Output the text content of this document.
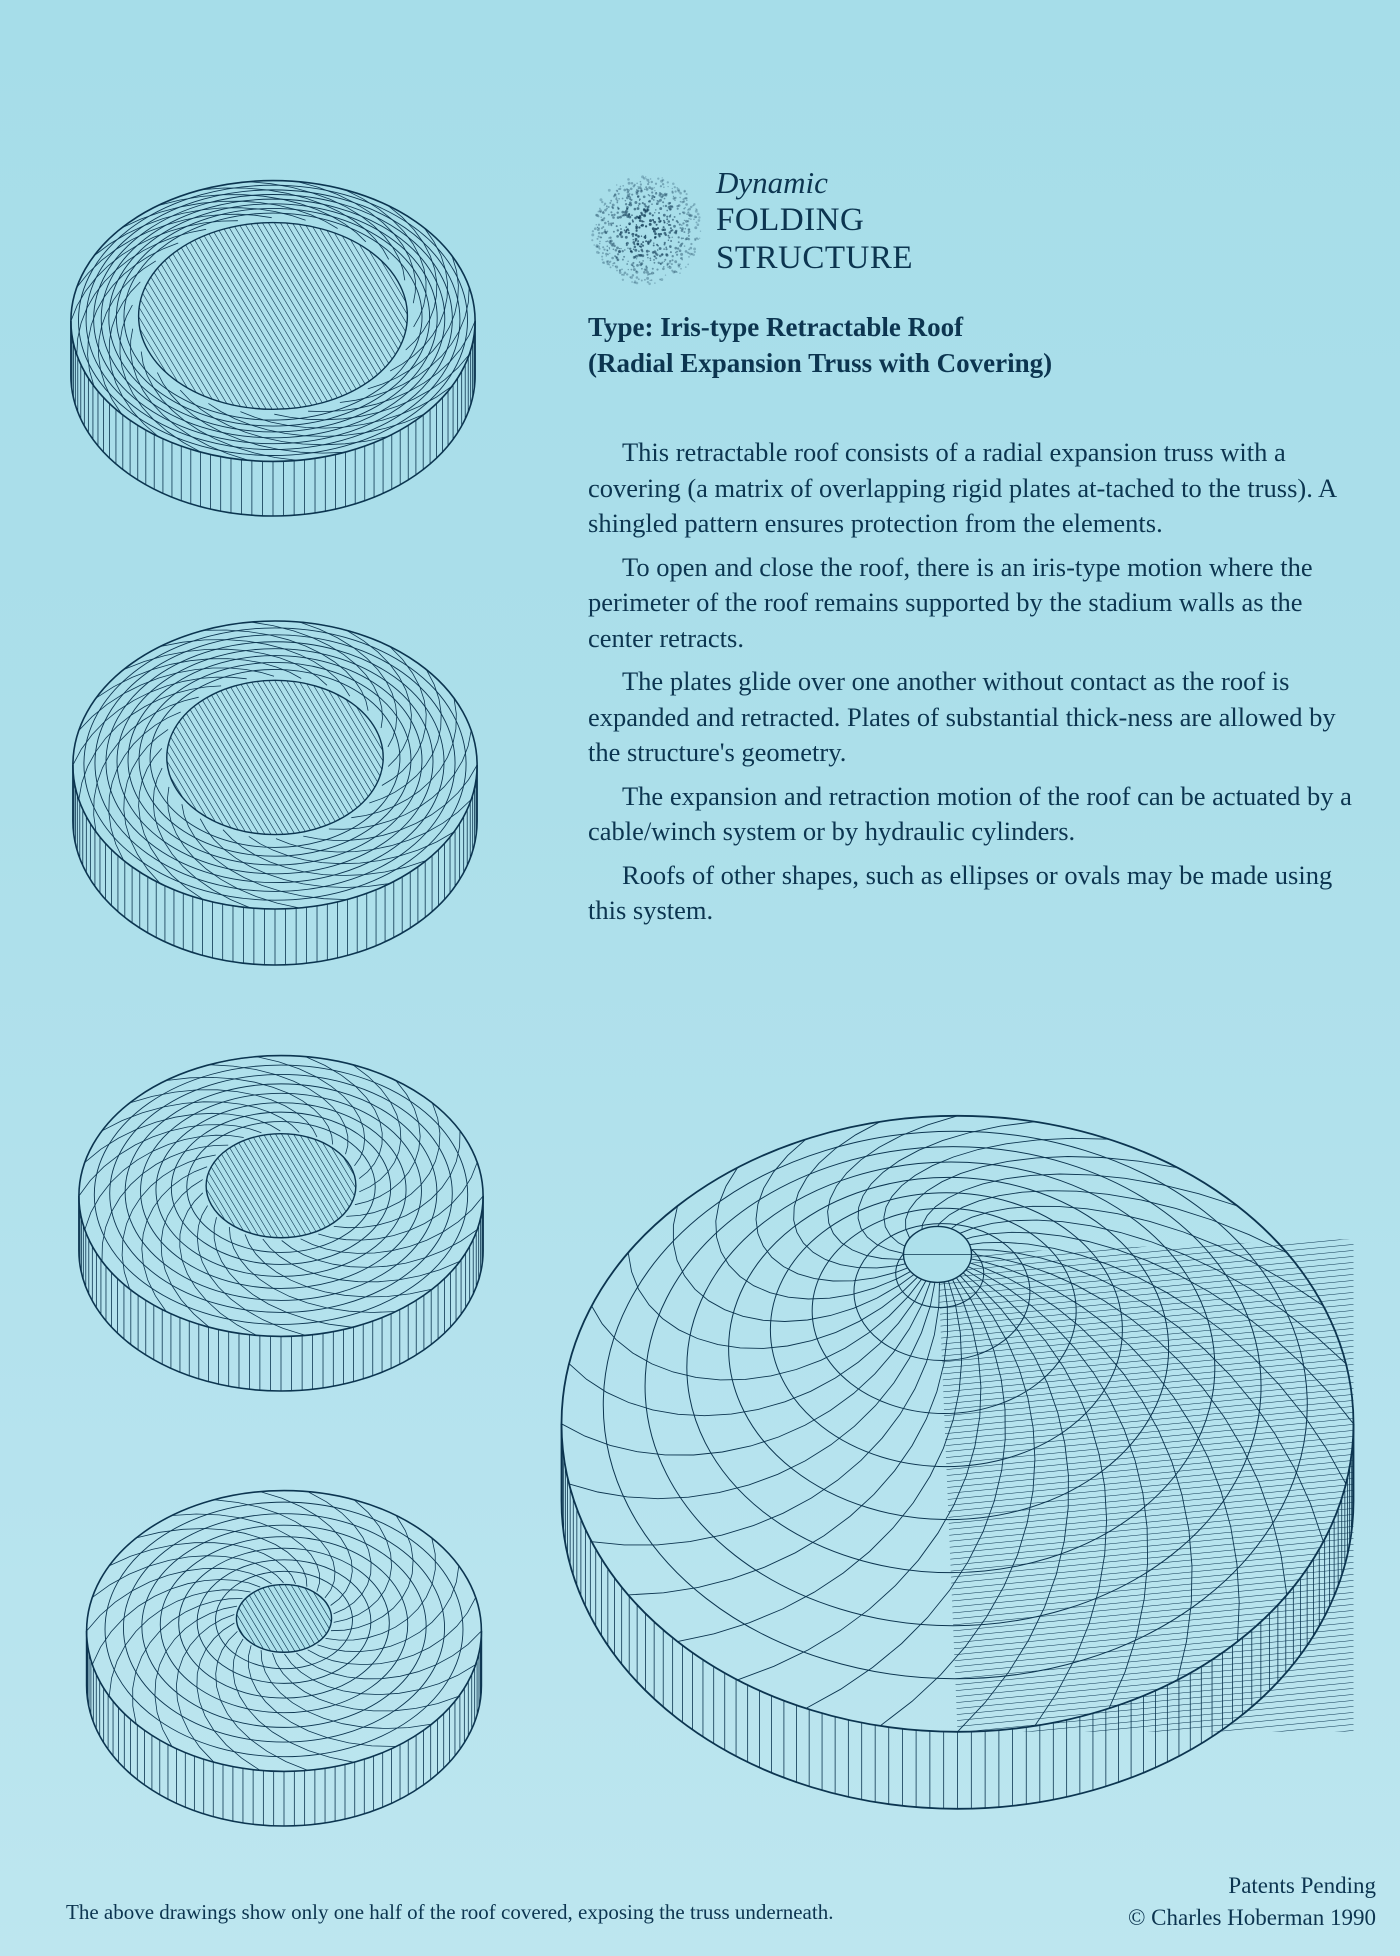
Dynamic
FOLDING
STRUCTURE
Type: Iris-type Retractable Roof
(Radial Expansion Truss with Covering)

This retractable roof consists of a radial expansion truss with a covering (a matrix of overlapping rigid plates at-tached to the truss). A shingled pattern ensures protection from the elements.

To open and close the roof, there is an iris-type motion where the perimeter of the roof remains supported by the stadium walls as the center retracts.

The plates glide over one another without contact as the roof is expanded and retracted. Plates of substantial thick-ness are allowed by the structure's geometry.

The expansion and retraction motion of the roof can be actuated by a cable/winch system or by hydraulic cylinders.

Roofs of other shapes, such as ellipses or ovals may be made using this system.

The above drawings show only one half of the roof covered, exposing the truss underneath.
Patents Pending
© Charles Hoberman 1990
